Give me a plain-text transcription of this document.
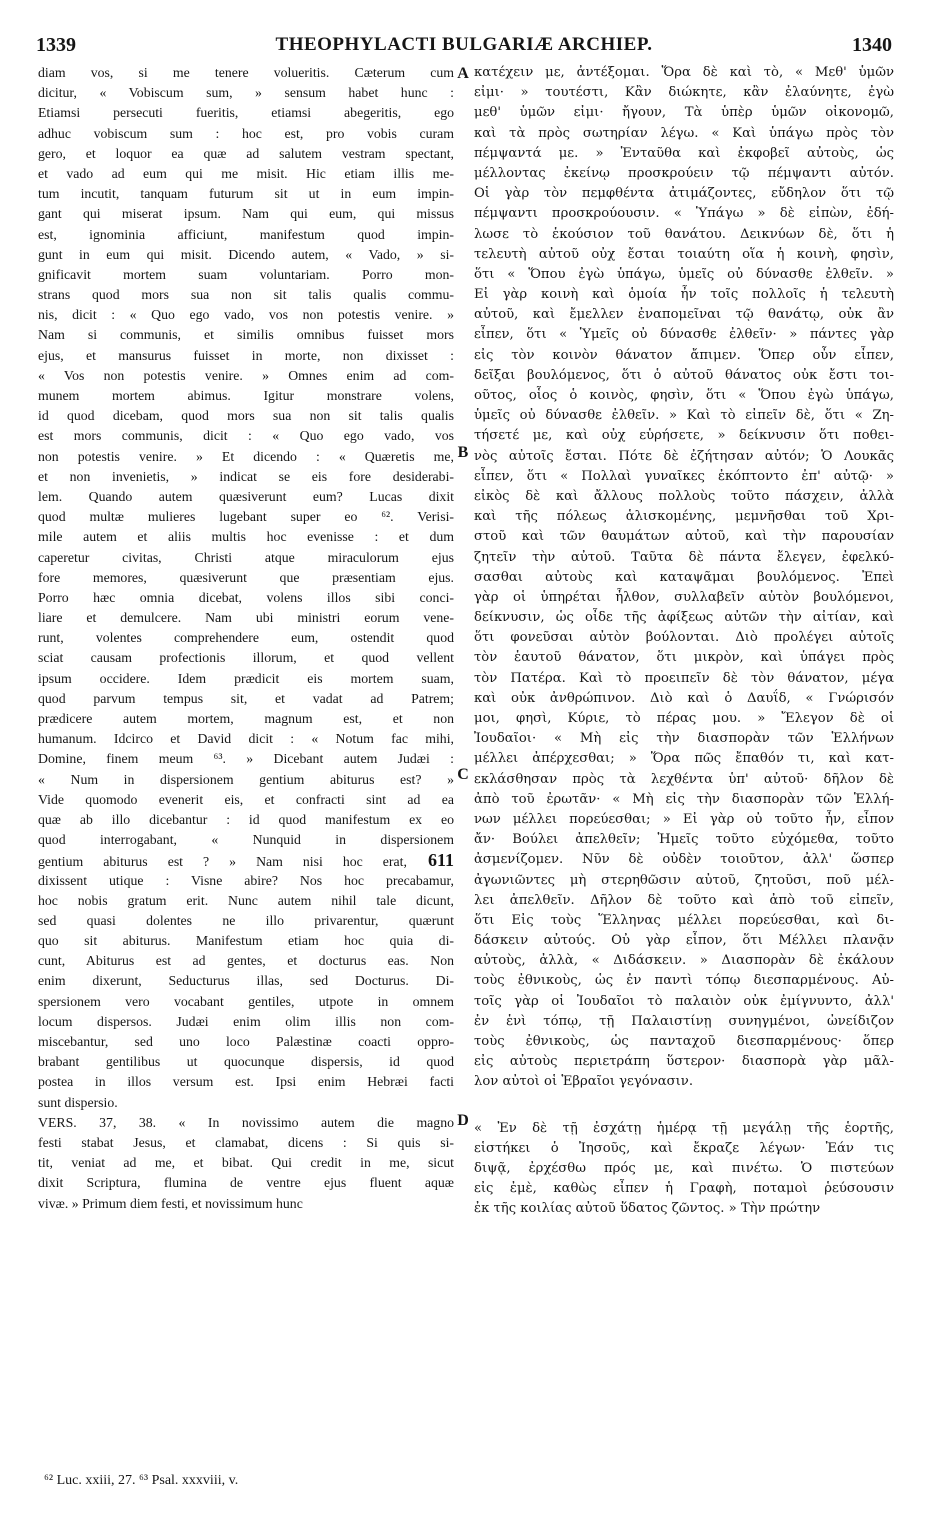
1339	THEOPHYLACTI BULGARIÆ ARCHIEP.	1340
diam vos, si me tenere volueritis. Cæterum cum
dicitur, « Vobiscum sum, » sensum habet hunc :
Etiamsi persecuti fueritis, etiamsi abegeritis, ego
adhuc vobiscum sum : hoc est, pro vobis curam
gero, et loquor ea quæ ad salutem vestram spectant,
et vado ad eum qui me misit. Hic etiam illis me-
tum incutit, tanquam futurum sit ut in eum impin-
gant qui miserat ipsum. Nam qui eum, qui missus
est, ignominia afficiunt, manifestum quod impin-
gunt in eum qui misit. Dicendo autem, « Vado, » si-
gnificavit mortem suam voluntariam. Porro mon-
strans quod mors sua non sit talis qualis commu-
nis, dicit : « Quo ego vado, vos non potestis venire. »
Nam si communis, et similis omnibus fuisset mors
ejus, et mansurus fuisset in morte, non dixisset :
« Vos non potestis venire. » Omnes enim ad com-
munem mortem abimus. Igitur monstrare volens,
id quod dicebam, quod mors sua non sit talis qualis
est mors communis, dicit : « Quo ego vado, vos
non potestis venire. » Et dicendo : « Quæretis me,
et non invenietis, » indicat se eis fore desiderabi-
lem. Quando autem quæsiverunt eum? Lucas dixit
quod multæ mulieres lugebant super eo ⁶². Verisi-
mile autem et aliis multis hoc evenisse : et dum
caperetur civitas, Christi atque miraculorum ejus
fore memores, quæsiverunt que præsentiam ejus.
Porro hæc omnia dicebat, volens illos sibi conci-
liare et demulcere. Nam ubi ministri eorum vene-
runt, volentes comprehendere eum, ostendit quod
sciat causam profectionis illorum, et quod vellent
ipsum occidere. Idem prædicit eis mortem suam,
quod parvum tempus sit, et vadat ad Patrem;
prædicere autem mortem, magnum est, et non
humanum. Idcirco et David dicit : « Notum fac mihi,
Domine, finem meum ⁶³. » Dicebant autem Judæi :
« Num in dispersionem gentium abiturus est? »
Vide quomodo evenerit eis, et confracti sint ad ea
quæ ab illo dicebantur : id quod manifestum ex eo
quod interrogabant, « Nunquid in dispersionem
gentium abiturus est ? » Nam nisi hoc erat, 611
dixissent utique : Visne abire? Nos hoc precabamur,
hoc nobis gratum erit. Nunc autem nihil tale dicunt,
sed quasi dolentes ne illo privarentur, quærunt
quo sit abiturus. Manifestum etiam hoc quia di-
cunt, Abiturus est ad gentes, et docturus eas. Non
enim dixerunt, Seducturus illas, sed Docturus. Di-
spersionem vero vocabant gentiles, utpote in omnem
locum dispersos. Judæi enim olim illis non com-
miscebantur, sed uno loco Palæstinæ coacti oppro-
brabant gentilibus ut quocunque dispersis, id quod
postea in illos versum est. Ipsi enim Hebræi facti
sunt dispersio.
VERS. 37, 38. « In novissimo autem die magno
festi stabat Jesus, et clamabat, dicens : Si quis si-
tit, veniat ad me, et bibat. Qui credit in me, sicut
dixit Scriptura, flumina de ventre ejus fluent aquæ
vivæ. » Primum diem festi, et novissimum hunc
κατέχειν με, ἀντέξομαι. Ὅρα δὲ καὶ τὸ, « Μεθ' ὑμῶν
εἰμι· » τουτέστι, Κἂν διώκητε, κἂν ἐλαύνητε, ἐγὼ
μεθ' ὑμῶν εἰμι· ἤγουν, Τὰ ὑπὲρ ὑμῶν οἰκονομῶ,
καὶ τὰ πρὸς σωτηρίαν λέγω. « Καὶ ὑπάγω πρὸς τὸν
πέμψαντά με. » Ἐνταῦθα καὶ ἐκφοβεῖ αὐτοὺς, ὡς
μέλλοντας ἐκείνῳ προσκρούειν τῷ πέμψαντι αὐτόν.
Οἱ γὰρ τὸν πεμφθέντα ἀτιμάζοντες, εὔδηλον ὅτι τῷ
πέμψαντι προσκρούουσιν. « Ὑπάγω » δὲ εἰπὼν, ἐδή-
λωσε τὸ ἑκούσιον τοῦ θανάτου. Δεικνύων δὲ, ὅτι ἡ
τελευτὴ αὐτοῦ οὐχ ἔσται τοιαύτη οἵα ἡ κοινὴ, φησὶν,
ὅτι « Ὅπου ἐγὼ ὑπάγω, ὑμεῖς οὐ δύνασθε ἐλθεῖν. »
Εἰ γὰρ κοινὴ καὶ ὁμοία ἦν τοῖς πολλοῖς ἡ τελευτὴ
αὐτοῦ, καὶ ἔμελλεν ἐναπομεῖναι τῷ θανάτῳ, οὐκ ἂν
εἶπεν, ὅτι « Ὑμεῖς οὐ δύνασθε ἐλθεῖν· » πάντες γὰρ
εἰς τὸν κοινὸν θάνατον ἄπιμεν. Ὅπερ οὖν εἶπεν,
δεῖξαι βουλόμενος, ὅτι ὁ αὐτοῦ θάνατος οὐκ ἔστι τοι-
οῦτος, οἷος ὁ κοινὸς, φησὶν, ὅτι « Ὅπου ἐγὼ ὑπάγω,
ὑμεῖς οὐ δύνασθε ἐλθεῖν. » Καὶ τὸ εἰπεῖν δὲ, ὅτι « Ζη-
τήσετέ με, καὶ οὐχ εὑρήσετε, » δείκνυσιν ὅτι ποθει-
νὸς αὐτοῖς ἔσται. Πότε δὲ ἐζήτησαν αὐτόν; Ὁ Λουκᾶς
εἶπεν, ὅτι « Πολλαὶ γυναῖκες ἐκόπτοντο ἐπ' αὐτῷ· »
εἰκὸς δὲ καὶ ἄλλους πολλοὺς τοῦτο πάσχειν, ἀλλὰ
καὶ τῆς πόλεως ἁλισκομένης, μεμνῆσθαι τοῦ Χρι-
στοῦ καὶ τῶν θαυμάτων αὐτοῦ, καὶ τὴν παρουσίαν
ζητεῖν τὴν αὐτοῦ. Ταῦτα δὲ πάντα ἔλεγεν, ἐφελκύ-
σασθαι αὐτοὺς καὶ καταψᾶμαι βουλόμενος. Ἐπεὶ
γὰρ οἱ ὑπηρέται ἦλθον, συλλαβεῖν αὐτὸν βουλόμενοι,
δείκνυσιν, ὡς οἶδε τῆς ἀφίξεως αὐτῶν τὴν αἰτίαν, καὶ
ὅτι φονεῦσαι αὐτὸν βούλονται. Διὸ προλέγει αὐτοῖς
τὸν ἑαυτοῦ θάνατον, ὅτι μικρὸν, καὶ ὑπάγει πρὸς
τὸν Πατέρα. Καὶ τὸ προειπεῖν δὲ τὸν θάνατον, μέγα
καὶ οὐκ ἀνθρώπινον. Διὸ καὶ ὁ Δαυΐδ, « Γνώρισόν
μοι, φησὶ, Κύριε, τὸ πέρας μου. » Ἔλεγον δὲ οἱ
Ἰουδαῖοι· « Μὴ εἰς τὴν διασπορὰν τῶν Ἑλλήνων
μέλλει ἀπέρχεσθαι; » Ὅρα πῶς ἔπαθόν τι, καὶ κατ-
εκλάσθησαν πρὸς τὰ λεχθέντα ὑπ' αὐτοῦ· δῆλον δὲ
ἀπὸ τοῦ ἐρωτᾶν· « Μὴ εἰς τὴν διασπορὰν τῶν Ἑλλή-
νων μέλλει πορεύεσθαι; » Εἰ γὰρ οὐ τοῦτο ἦν, εἶπον
ἄν· Βούλει ἀπελθεῖν; Ἡμεῖς τοῦτο εὐχόμεθα, τοῦτο
ἀσμενίζομεν. Νῦν δὲ οὐδὲν τοιοῦτον, ἀλλ' ὥσπερ
ἀγωνιῶντες μὴ στερηθῶσιν αὐτοῦ, ζητοῦσι, ποῦ μέλ-
λει ἀπελθεῖν. Δῆλον δὲ τοῦτο καὶ ἀπὸ τοῦ εἰπεῖν,
ὅτι Εἰς τοὺς Ἕλληνας μέλλει πορεύεσθαι, καὶ δι-
δάσκειν αὐτούς. Οὐ γὰρ εἶπον, ὅτι Μέλλει πλανᾷν
αὐτοὺς, ἀλλὰ, « Διδάσκειν. » Διασπορὰν δὲ ἐκάλουν
τοὺς ἐθνικοὺς, ὡς ἐν παντὶ τόπῳ διεσπαρμένους. Αὐ-
τοῖς γὰρ οἱ Ἰουδαῖοι τὸ παλαιὸν οὐκ ἐμίγνυντο, ἀλλ'
ἐν ἑνὶ τόπῳ, τῇ Παλαιστίνῃ συνηγμένοι, ὠνείδιζον
τοὺς ἐθνικοὺς, ὡς πανταχοῦ διεσπαρμένους· ὅπερ
εἰς αὐτοὺς περιετράπη ὕστερον· διασπορὰ γὰρ μᾶλ-
λον αὐτοὶ οἱ Ἑβραῖοι γεγόνασιν.
« Ἐν δὲ τῇ ἐσχάτῃ ἡμέρᾳ τῇ μεγάλῃ τῆς ἑορτῆς,
εἱστήκει ὁ Ἰησοῦς, καὶ ἔκραζε λέγων· Ἐάν τις
διψᾷ, ἐρχέσθω πρός με, καὶ πινέτω. Ὁ πιστεύων
εἰς ἐμὲ, καθὼς εἶπεν ἡ Γραφὴ, ποταμοὶ ῥεύσουσιν
ἐκ τῆς κοιλίας αὐτοῦ ὕδατος ζῶντος. » Τὴν πρώτην
A
B
C
D
⁶² Luc. xxiii, 27. ⁶³ Psal. xxxviii, v.
